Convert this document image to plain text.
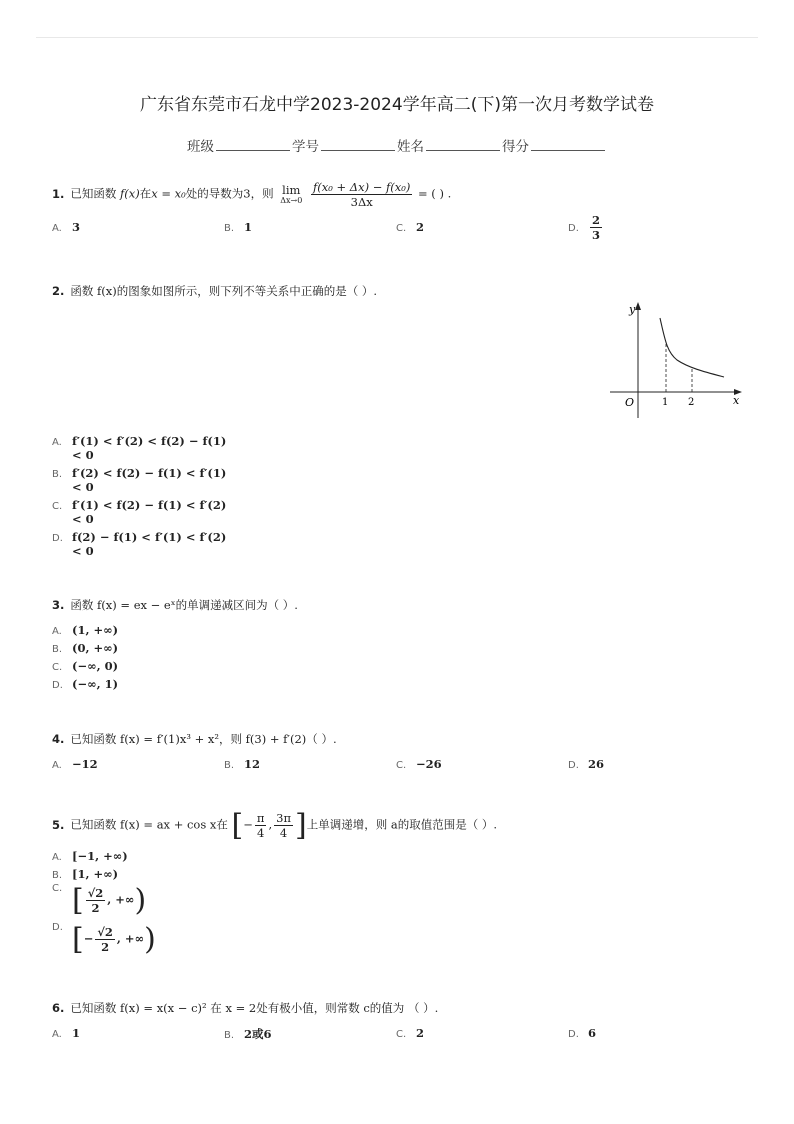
广东省东莞市石龙中学2023-2024学年高二(下)第一次月考数学试卷
班级	学号	姓名	得分
1. 已知函数 f(x)在x = x₀处的导数为3，则 lim
Δx→0
$\frac{\text{f(x₀ + Δx) − f(x₀)}}{3\Delta x}$ = ( ) .
A. 3	B. 1	C. 2	D. $\frac{2}{3}$
2. 函数 f(x)的图象如图所示，则下列不等关系中正确的是（ ）.
y
x
O	1 2
A. f′(1) < f′(2) < f(2) − f(1)
< 0
B. f′(2) < f(2) − f(1) < f′(1)
< 0
C. f′(1) < f(2) − f(1) < f′(2)
< 0
D. f(2) − f(1) < f′(1) < f′(2)
< 0
3. 函数 f(x) = ex − eˣ的单调递减区间为（ ）.
A. (1, +∞)
B. (0, +∞)
C. (−∞, 0)
D. (−∞, 1)
4. 已知函数 f(x) = f′(1)x³ + x²，则 f(3) + f′(2)（ ）.
A. −12	B. 12	C. −26	D. 26
5. 已知函数 f(x) = ax + cos x在 [− $\frac{\pi}{4}$ , $\frac{3\pi}{4}$ ]上单调递增，则 a的取值范围是（ ）.
A. [−1, +∞)
B. [1, +∞)
C. [ $\frac{√2}{2}$ , +∞)
D. [− $\frac{√2}{2}$ , +∞)
6. 已知函数 f(x) = x(x − c)² 在 x = 2处有极小值，则常数 c的值为 （ ）.
A. 1	B. 2或6	C. 2	D. 6
